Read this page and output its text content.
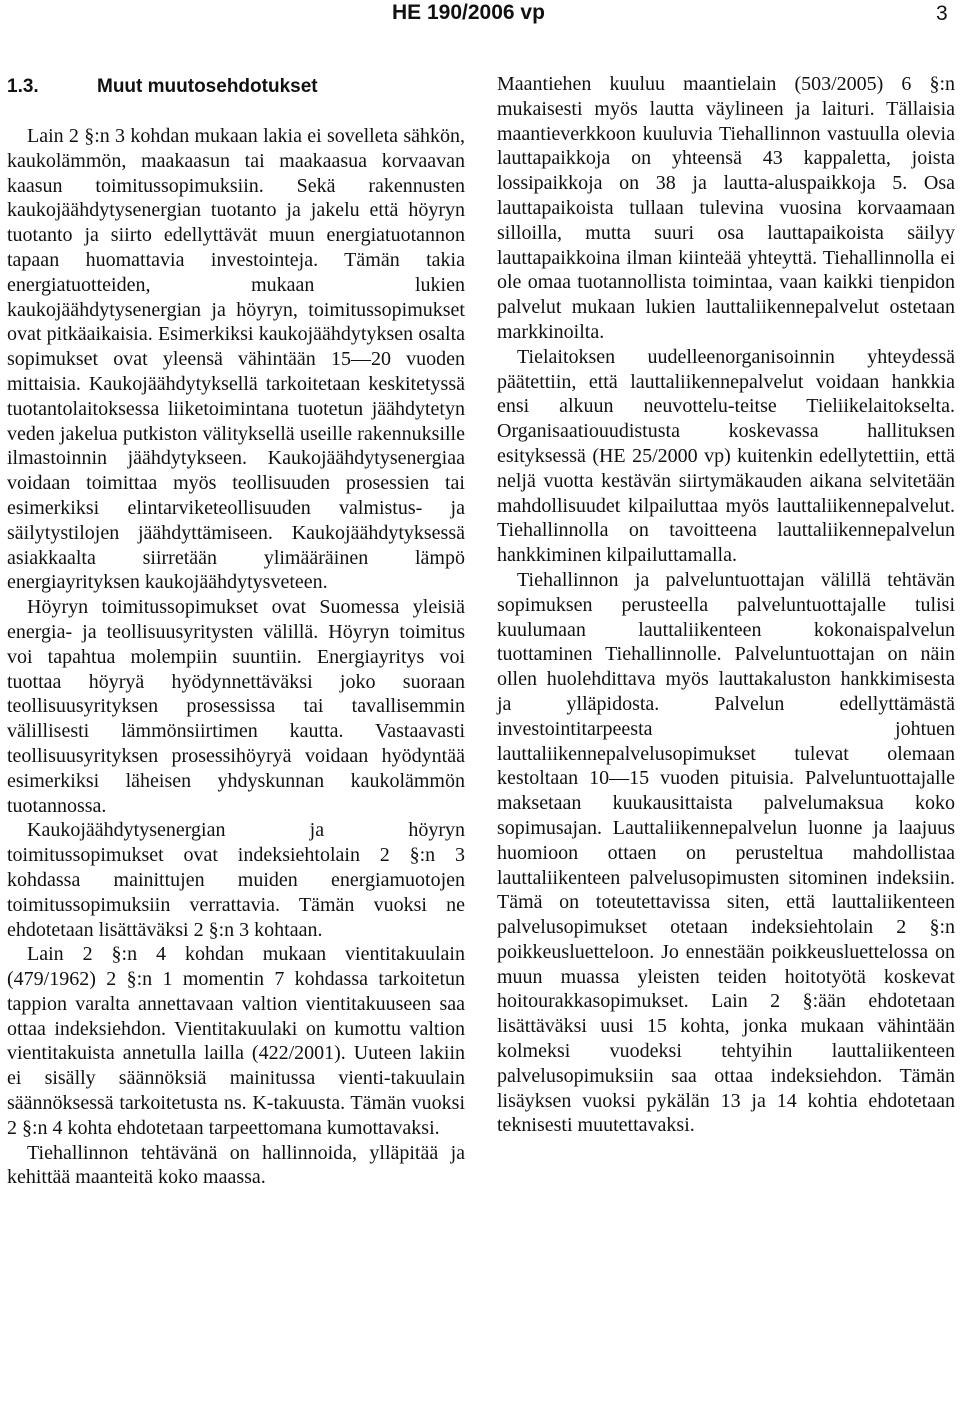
HE 190/2006 vp	3
1.3.	Muut muutosehdotukset

Lain 2 §:n 3 kohdan mukaan lakia ei sovelleta sähkön, kaukolämmön, maakaasun tai maakaasua korvaavan kaasun toimitussopimuksiin. Sekä rakennusten kaukojäähdytysenergian tuotanto ja jakelu että höyryn tuotanto ja siirto edellyttävät muun energiatuotannon tapaan huomattavia investointeja. Tämän takia energiatuotteiden, mukaan lukien kaukojäähdytysenergian ja höyryn, toimitussopimukset ovat pitkäaikaisia. Esimerkiksi kaukojäähdytyksen osalta sopimukset ovat yleensä vähintään 15—20 vuoden mittaisia. Kaukojäähdytyksellä tarkoitetaan keskitetyssä tuotantolaitoksessa liiketoimintana tuotetun jäähdytetyn veden jakelua putkiston välityksellä useille rakennuksille ilmastoinnin jäähdytykseen. Kaukojäähdytysenergiaa voidaan toimittaa myös teollisuuden prosessien tai esimerkiksi elintarviketeollisuuden valmistus- ja säilytystilojen jäähdyttämiseen. Kaukojäähdytyksessä asiakkaalta siirretään ylimääräinen lämpö energiayrityksen kaukojäähdytysveteen.

Höyryn toimitussopimukset ovat Suomessa yleisiä energia- ja teollisuusyritysten välillä. Höyryn toimitus voi tapahtua molempiin suuntiin. Energiayritys voi tuottaa höyryä hyödynnettäväksi joko suoraan teollisuusyrityksen prosessissa tai tavallisemmin välillisesti lämmönsiirtimen kautta. Vastaavasti teollisuusyrityksen prosessihöyryä voidaan hyödyntää esimerkiksi läheisen yhdyskunnan kaukolämmön tuotannossa.

Kaukojäähdytysenergian ja höyryn toimitussopimukset ovat indeksiehtolain 2 §:n 3 kohdassa mainittujen muiden energiamuotojen toimitussopimuksiin verrattavia. Tämän vuoksi ne ehdotetaan lisättäväksi 2 §:n 3 kohtaan.

Lain 2 §:n 4 kohdan mukaan vientitakuulain (479/1962) 2 §:n 1 momentin 7 kohdassa tarkoitetun tappion varalta annettavaan valtion vientitakuuseen saa ottaa indeksiehdon. Vientitakuulaki on kumottu valtion vientitakuista annetulla lailla (422/2001). Uuteen lakiin ei sisälly säännöksiä mainitussa vienti-takuulain säännöksessä tarkoitetusta ns. K-takuusta. Tämän vuoksi 2 §:n 4 kohta ehdotetaan tarpeettomana kumottavaksi.

Tiehallinnon tehtävänä on hallinnoida, ylläpitää ja kehittää maanteitä koko maassa.

Maantiehen kuuluu maantielain (503/2005) 6 §:n mukaisesti myös lautta väylineen ja laituri. Tällaisia maantieverkkoon kuuluvia Tiehallinnon vastuulla olevia lauttapaikkoja on yhteensä 43 kappaletta, joista lossipaikkoja on 38 ja lautta-aluspaikkoja 5. Osa lauttapaikoista tullaan tulevina vuosina korvaamaan silloilla, mutta suuri osa lauttapaikoista säilyy lauttapaikkoina ilman kiinteää yhteyttä. Tiehallinnolla ei ole omaa tuotannollista toimintaa, vaan kaikki tienpidon palvelut mukaan lukien lauttaliikennepalvelut ostetaan markkinoilta.

Tielaitoksen uudelleenorganisoinnin yhteydessä päätettiin, että lauttaliikennepalvelut voidaan hankkia ensi alkuun neuvottelu-teitse Tieliikelaitokselta. Organisaatiouudistusta koskevassa hallituksen esityksessä (HE 25/2000 vp) kuitenkin edellytettiin, että neljä vuotta kestävän siirtymäkauden aikana selvitetään mahdollisuudet kilpailuttaa myös lauttaliikennepalvelut. Tiehallinnolla on tavoitteena lauttaliikennepalvelun hankkiminen kilpailuttamalla.

Tiehallinnon ja palveluntuottajan välillä tehtävän sopimuksen perusteella palveluntuottajalle tulisi kuulumaan lauttaliikenteen kokonaispalvelun tuottaminen Tiehallinnolle. Palveluntuottajan on näin ollen huolehdittava myös lauttakaluston hankkimisesta ja ylläpidosta. Palvelun edellyttämästä investointitarpeesta johtuen lauttaliikennepalvelusopimukset tulevat olemaan kestoltaan 10—15 vuoden pituisia. Palveluntuottajalle maksetaan kuukausittaista palvelumaksua koko sopimusajan. Lauttaliikennepalvelun luonne ja laajuus huomioon ottaen on perusteltua mahdollistaa lauttaliikenteen palvelusopimusten sitominen indeksiin. Tämä on toteutettavissa siten, että lauttaliikenteen palvelusopimukset otetaan indeksiehtolain 2 §:n poikkeusluetteloon. Jo ennestään poikkeusluettelossa on muun muassa yleisten teiden hoitotyötä koskevat hoitourakkasopimukset. Lain 2 §:ään ehdotetaan lisättäväksi uusi 15 kohta, jonka mukaan vähintään kolmeksi vuodeksi tehtyihin lauttaliikenteen palvelusopimuksiin saa ottaa indeksiehdon. Tämän lisäyksen vuoksi pykälän 13 ja 14 kohtia ehdotetaan teknisesti muutettavaksi.
